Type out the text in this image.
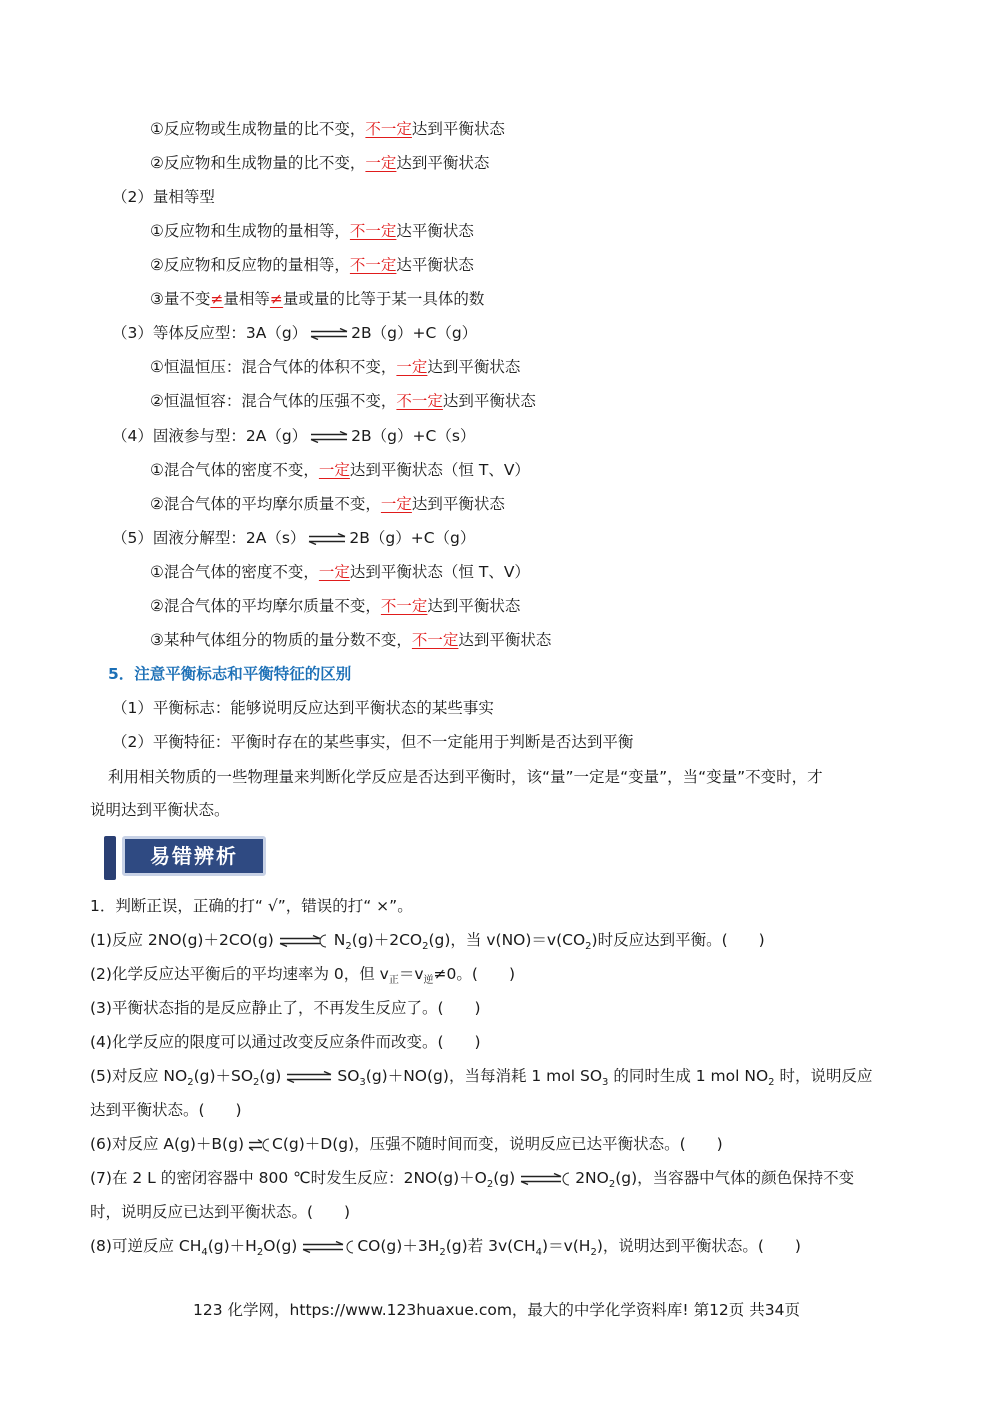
①反应物或生成物量的比不变，不一定达到平衡状态
②反应物和生成物量的比不变，一定达到平衡状态
（2）量相等型
①反应物和生成物的量相等，不一定达平衡状态
②反应物和反应物的量相等，不一定达平衡状态
③量不变≠量相等≠量或量的比等于某一具体的数
（3）等体反应型：3A（g） ⇌ 2B（g）+C（g）
①恒温恒压：混合气体的体积不变，一定达到平衡状态
②恒温恒容：混合气体的压强不变，不一定达到平衡状态
（4）固液参与型：2A（g） ⇌ 2B（g）+C（s）
①混合气体的密度不变，一定达到平衡状态（恒 T、V）
②混合气体的平均摩尔质量不变，一定达到平衡状态
（5）固液分解型：2A（s） ⇌ 2B（g）+C（g）
①混合气体的密度不变，一定达到平衡状态（恒 T、V）
②混合气体的平均摩尔质量不变，不一定达到平衡状态
③某种气体组分的物质的量分数不变，不一定达到平衡状态
5．注意平衡标志和平衡特征的区别
（1）平衡标志：能够说明反应达到平衡状态的某些事实
（2）平衡特征：平衡时存在的某些事实，但不一定能用于判断是否达到平衡
利用相关物质的一些物理量来判断化学反应是否达到平衡时，该“量”一定是“变量”，当“变量”不变时，才
说明达到平衡状态。
易错辨析
1．判断正误，正确的打“ √”，错误的打“ ×”。
(1)反应 2NO(g)＋2CO(g) ⇌ $N_2(g)+2CO_2(g)$，当 $v(NO)=v(CO_2)$时反应达到平衡。(　　)
(2)化学反应达平衡后的平均速率为 0，但 $v_正=v_逆\ne 0$。(　　)
(3)平衡状态指的是反应静止了，不再发生反应了。(　　)
(4)化学反应的限度可以通过改变反应条件而改变。(　　)
(5)对反应 $NO_2(g)+SO_2(g)$ ⇌ $SO_3(g)+NO(g)$，当每消耗 1 mol $SO_3$ 的同时生成 1 mol $NO_2$ 时，说明反应
达到平衡状态。(　　)
(6)对反应 A(g)＋B(g) ⇌ C(g)＋D(g)，压强不随时间而变，说明反应已达平衡状态。(　　)
(7)在 2 L 的密闭容器中 800 ℃时发生反应：$2NO(g)+O_2(g)$ ⇌ $2NO_2(g)$，当容器中气体的颜色保持不变
时，说明反应已达到平衡状态。(　　)
(8)可逆反应 $CH_4(g)+H_2O(g)$ ⇌ $CO(g)+3H_2(g)$若 $3v(CH_4)=v(H_2)$，说明达到平衡状态。(　　)
123 化学网，https://www.123huaxue.com，最大的中学化学资料库! 第12页 共34页
